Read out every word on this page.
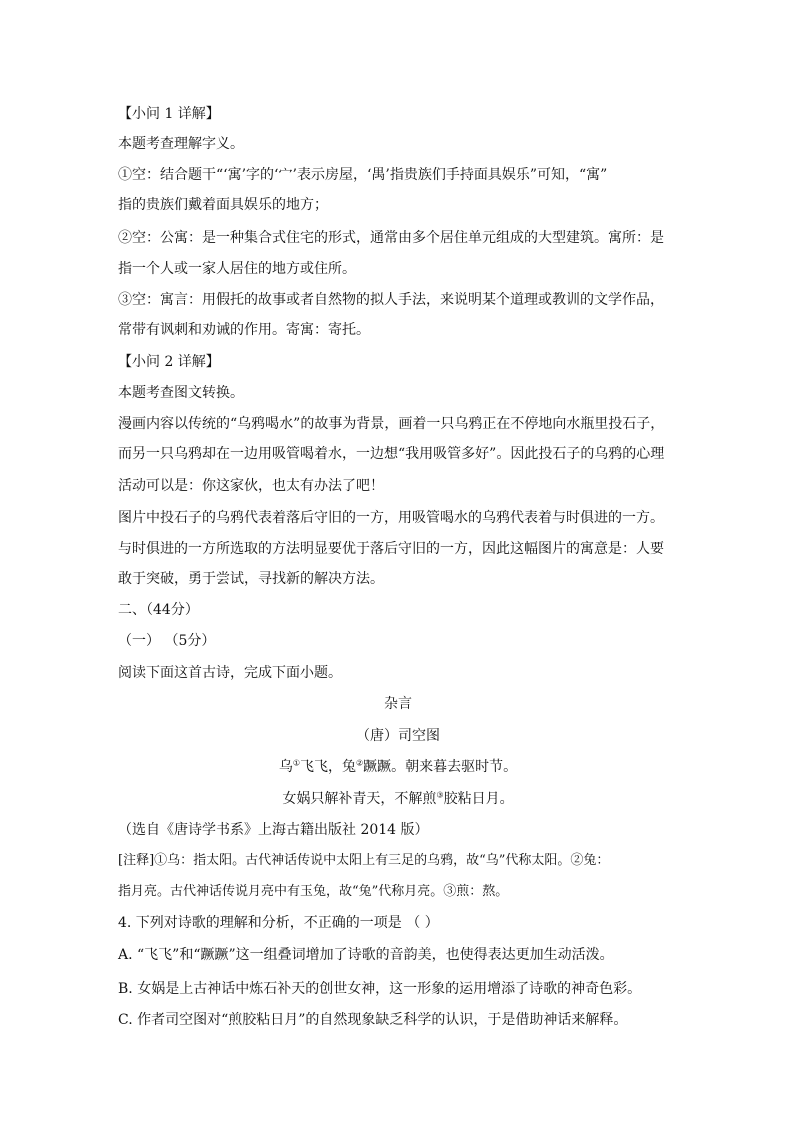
【小问 1 详解】
本题考查理解字义。
①空：结合题干“‘寓’字的‘宀’表示房屋，‘禺’指贵族们手持面具娱乐”可知，“寓”
指的贵族们戴着面具娱乐的地方；
②空：公寓：是一种集合式住宅的形式，通常由多个居住单元组成的大型建筑。寓所：是
指一个人或一家人居住的地方或住所。
③空：寓言：用假托的故事或者自然物的拟人手法，来说明某个道理或教训的文学作品，
常带有讽刺和劝诫的作用。寄寓：寄托。
【小问 2 详解】
本题考查图文转换。
漫画内容以传统的“乌鸦喝水”的故事为背景，画着一只乌鸦正在不停地向水瓶里投石子，
而另一只乌鸦却在一边用吸管喝着水，一边想“我用吸管多好”。因此投石子的乌鸦的心理
活动可以是：你这家伙，也太有办法了吧！
图片中投石子的乌鸦代表着落后守旧的一方，用吸管喝水的乌鸦代表着与时俱进的一方。
与时俱进的一方所选取的方法明显要优于落后守旧的一方，因此这幅图片的寓意是：人要
敢于突破，勇于尝试，寻找新的解决方法。
二、（44分）
（一） （5分）
阅读下面这首古诗，完成下面小题。
杂言
（唐）司空图
乌①飞飞，兔②蹶蹶。朝来暮去驱时节。
女娲只解补青天，不解煎③胶粘日月。
（选自《唐诗学书系》上海古籍出版社 2014 版）
[注释]①乌：指太阳。古代神话传说中太阳上有三足的乌鸦，故“乌”代称太阳。②兔：
指月亮。古代神话传说月亮中有玉兔，故“兔”代称月亮。③煎：熬。
4. 下列对诗歌的理解和分析，不正确的一项是 （ ）
A. “飞飞”和“蹶蹶”这一组叠词增加了诗歌的音韵美，也使得表达更加生动活泼。
B. 女娲是上古神话中炼石补天的创世女神，这一形象的运用增添了诗歌的神奇色彩。
C. 作者司空图对“煎胶粘日月”的自然现象缺乏科学的认识，于是借助神话来解释。
